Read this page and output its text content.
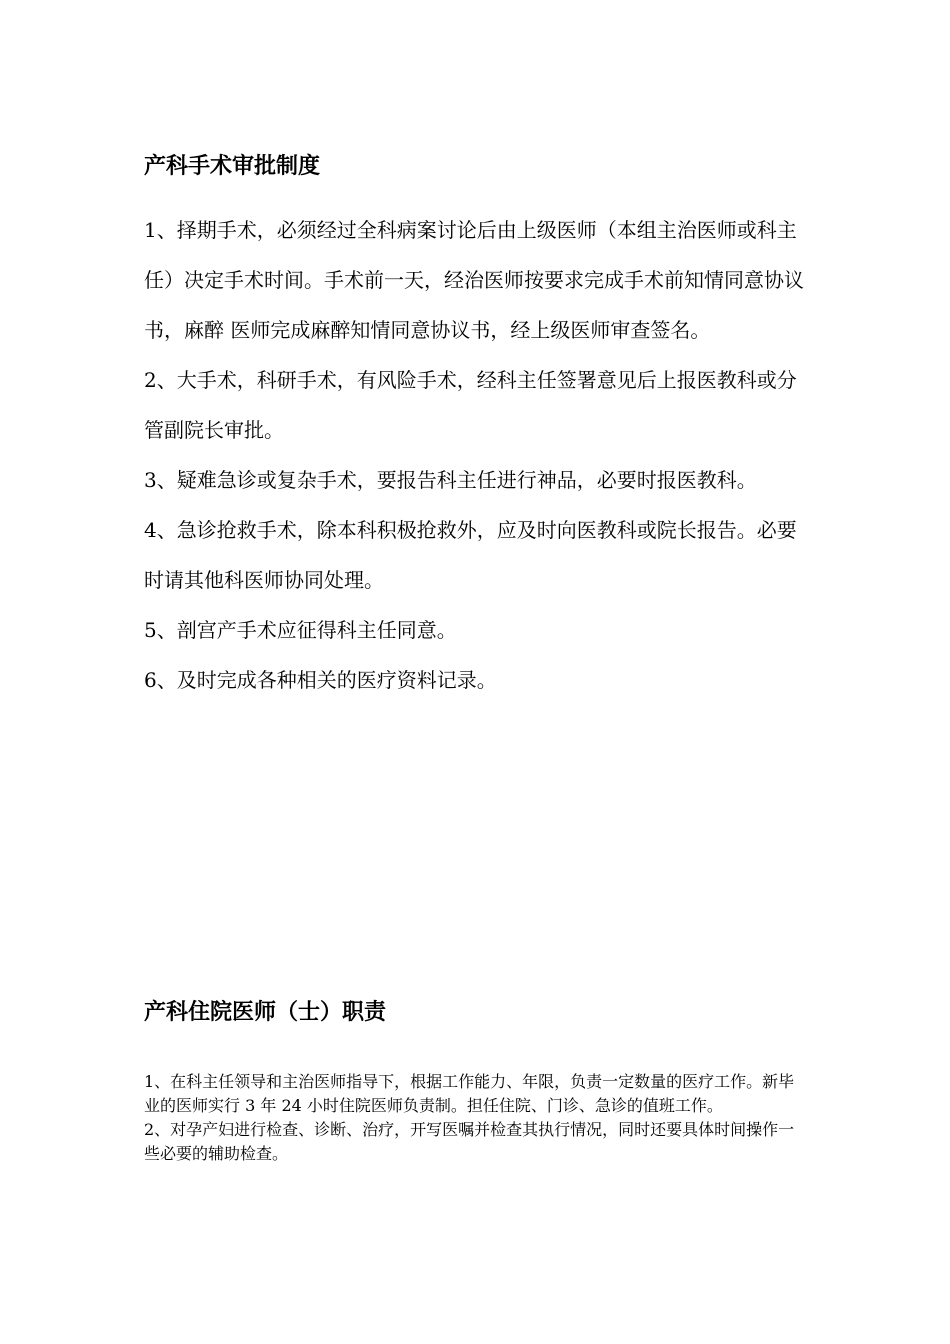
产科手术审批制度

1、择期手术，必须经过全科病案讨论后由上级医师（本组主治医师或科主任）决定手术时间。手术前一天，经治医师按要求完成手术前知情同意协议书，麻醉 医师完成麻醉知情同意协议书，经上级医师审查签名。

2、大手术，科研手术，有风险手术，经科主任签署意见后上报医教科或分管副院长审批。

3、疑难急诊或复杂手术，要报告科主任进行神品，必要时报医教科。

4、急诊抢救手术，除本科积极抢救外，应及时向医教科或院长报告。必要时请其他科医师协同处理。

5、剖宫产手术应征得科主任同意。

6、及时完成各种相关的医疗资料记录。

产科住院医师（士）职责

1、在科主任领导和主治医师指导下，根据工作能力、年限，负责一定数量的医疗工作。新毕业的医师实行 3 年 24 小时住院医师负责制。担任住院、门诊、急诊的值班工作。

2、对孕产妇进行检查、诊断、治疗，开写医嘱并检查其执行情况，同时还要具体时间操作一些必要的辅助检查。
